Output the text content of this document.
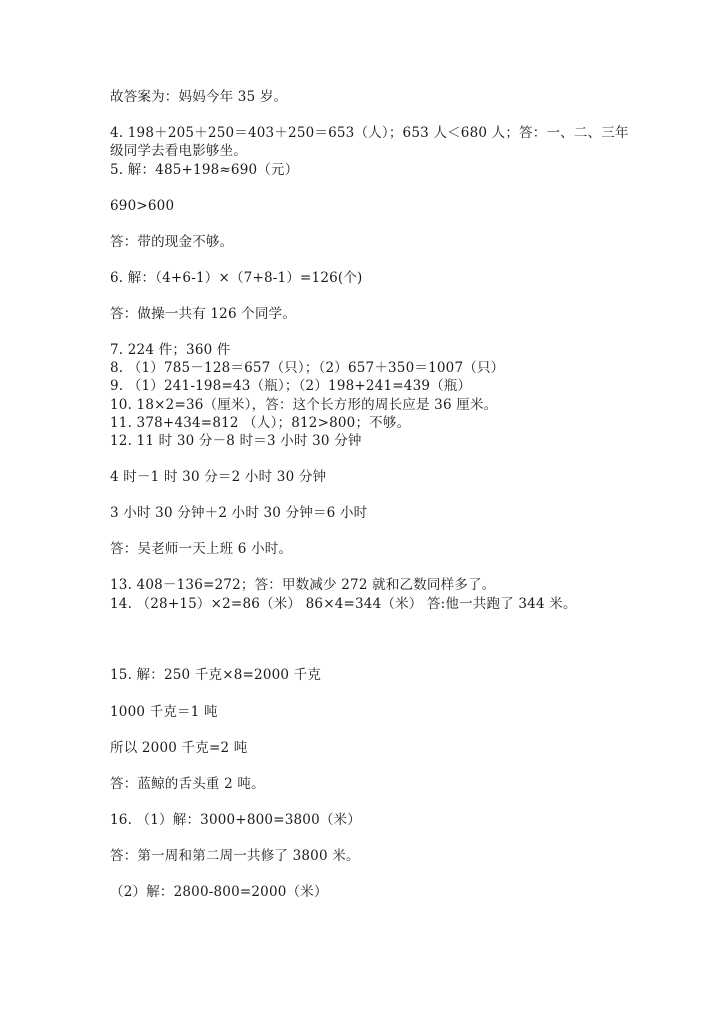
故答案为：妈妈今年 35 岁。
4. 198＋205＋250＝403＋250＝653（人）；653 人＜680 人；答：一、二、三年
级同学去看电影够坐。
5. 解：485+198≈690（元）
690>600
答：带的现金不够。
6. 解：（4+6-1）×（7+8-1）=126(个)
答：做操一共有 126 个同学。
7. 224 件；360 件
8. （1）785－128＝657（只）；（2）657＋350＝1007（只）
9. （1）241-198=43（瓶）；（2）198+241=439（瓶）
10. 18×2=36（厘米），答：这个长方形的周长应是 36 厘米。
11. 378+434=812 （人）；812>800；不够。
12. 11 时 30 分－8 时＝3 小时 30 分钟
4 时－1 时 30 分＝2 小时 30 分钟
3 小时 30 分钟＋2 小时 30 分钟＝6 小时
答：吴老师一天上班 6 小时。
13. 408－136=272；答：甲数减少 272 就和乙数同样多了。
14. （28+15）×2=86（米） 86×4=344（米） 答:他一共跑了 344 米。
15. 解：250 千克×8=2000 千克
1000 千克＝1 吨
所以 2000 千克=2 吨
答：蓝鲸的舌头重 2 吨。
16. （1）解：3000+800=3800（米）
答：第一周和第二周一共修了 3800 米。
（2）解：2800-800=2000（米）
